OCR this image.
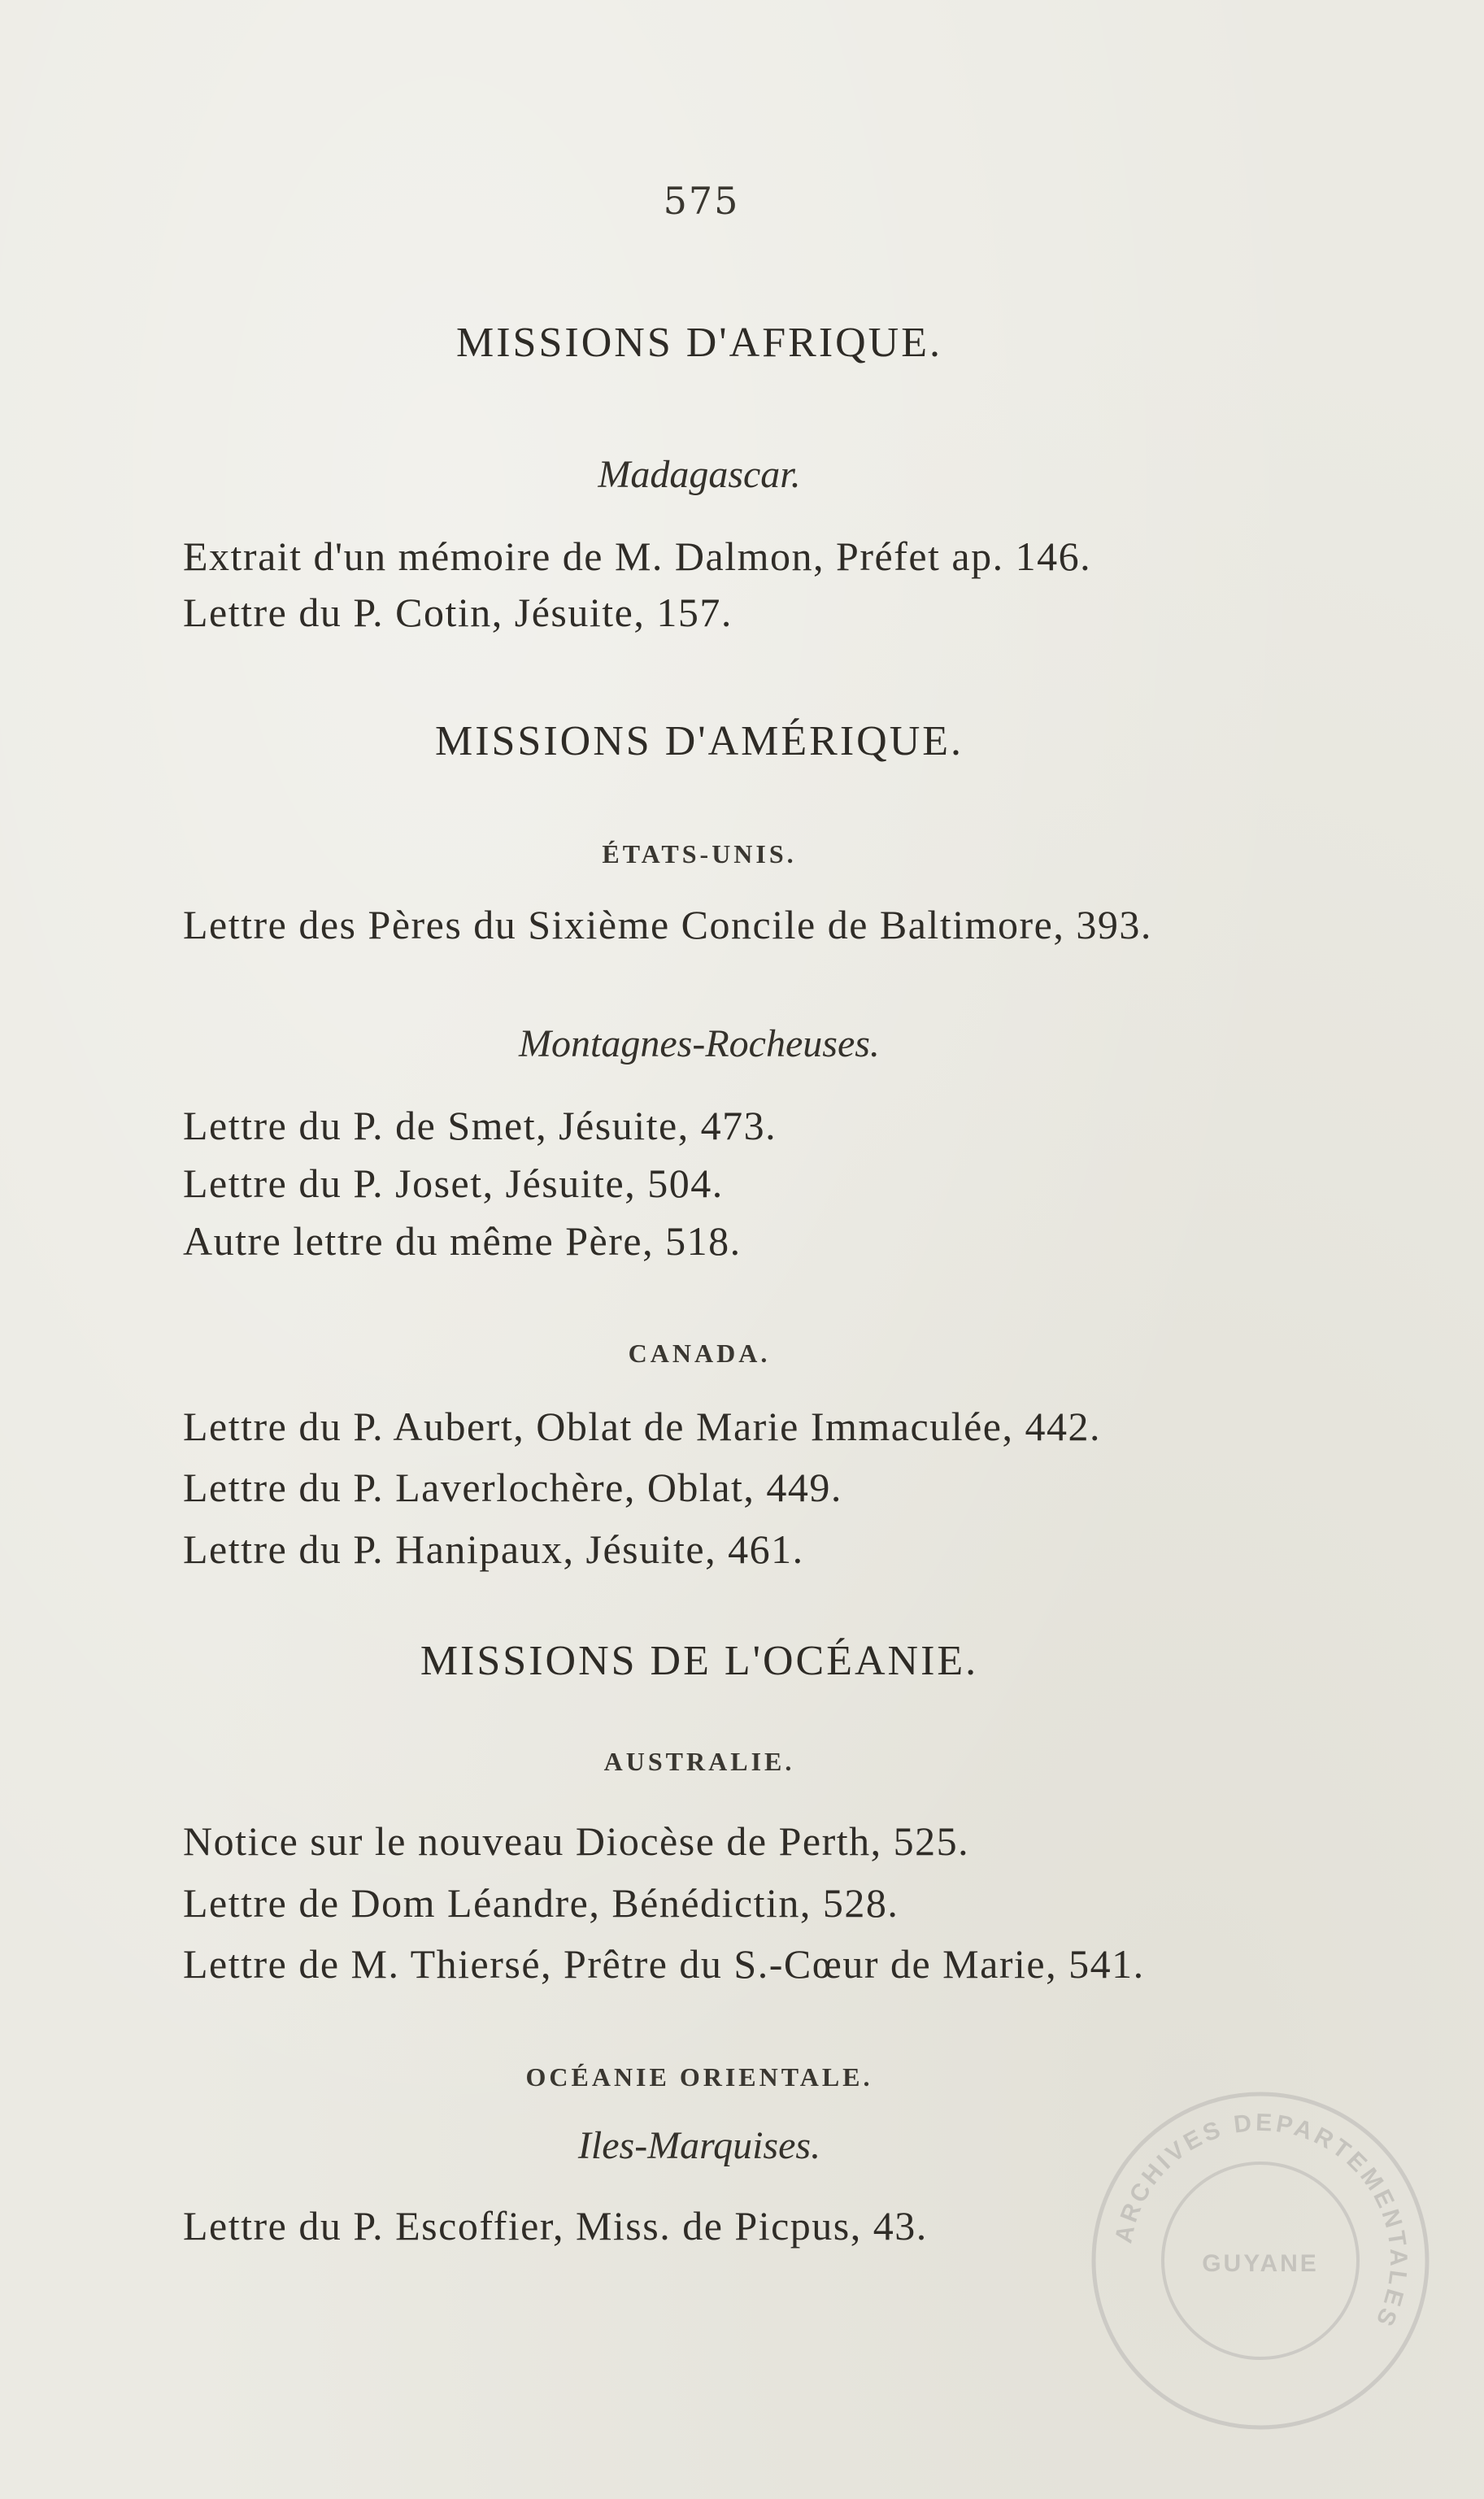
575
MISSIONS D'AFRIQUE.
Madagascar.
Extrait d'un mémoire de M. Dalmon, Préfet ap. 146.
Lettre du P. Cotin, Jésuite, 157.
MISSIONS D'AMÉRIQUE.
ÉTATS-UNIS.
Lettre des Pères du Sixième Concile de Baltimore, 393.
Montagnes-Rocheuses.
Lettre du P. de Smet, Jésuite, 473.
Lettre du P. Joset, Jésuite, 504.
Autre lettre du même Père, 518.
CANADA.
Lettre du P. Aubert, Oblat de Marie Immaculée, 442.
Lettre du P. Laverlochère, Oblat, 449.
Lettre du P. Hanipaux, Jésuite, 461.
MISSIONS DE L'OCÉANIE.
AUSTRALIE.
Notice sur le nouveau Diocèse de Perth, 525.
Lettre de Dom Léandre, Bénédictin, 528.
Lettre de M. Thiersé, Prêtre du S.-Cœur de Marie, 541.
OCÉANIE ORIENTALE.
Iles-Marquises.
Lettre du P. Escoffier, Miss. de Picpus, 43.	ARCHIVES DEPARTEMENTALES
GUYANE
